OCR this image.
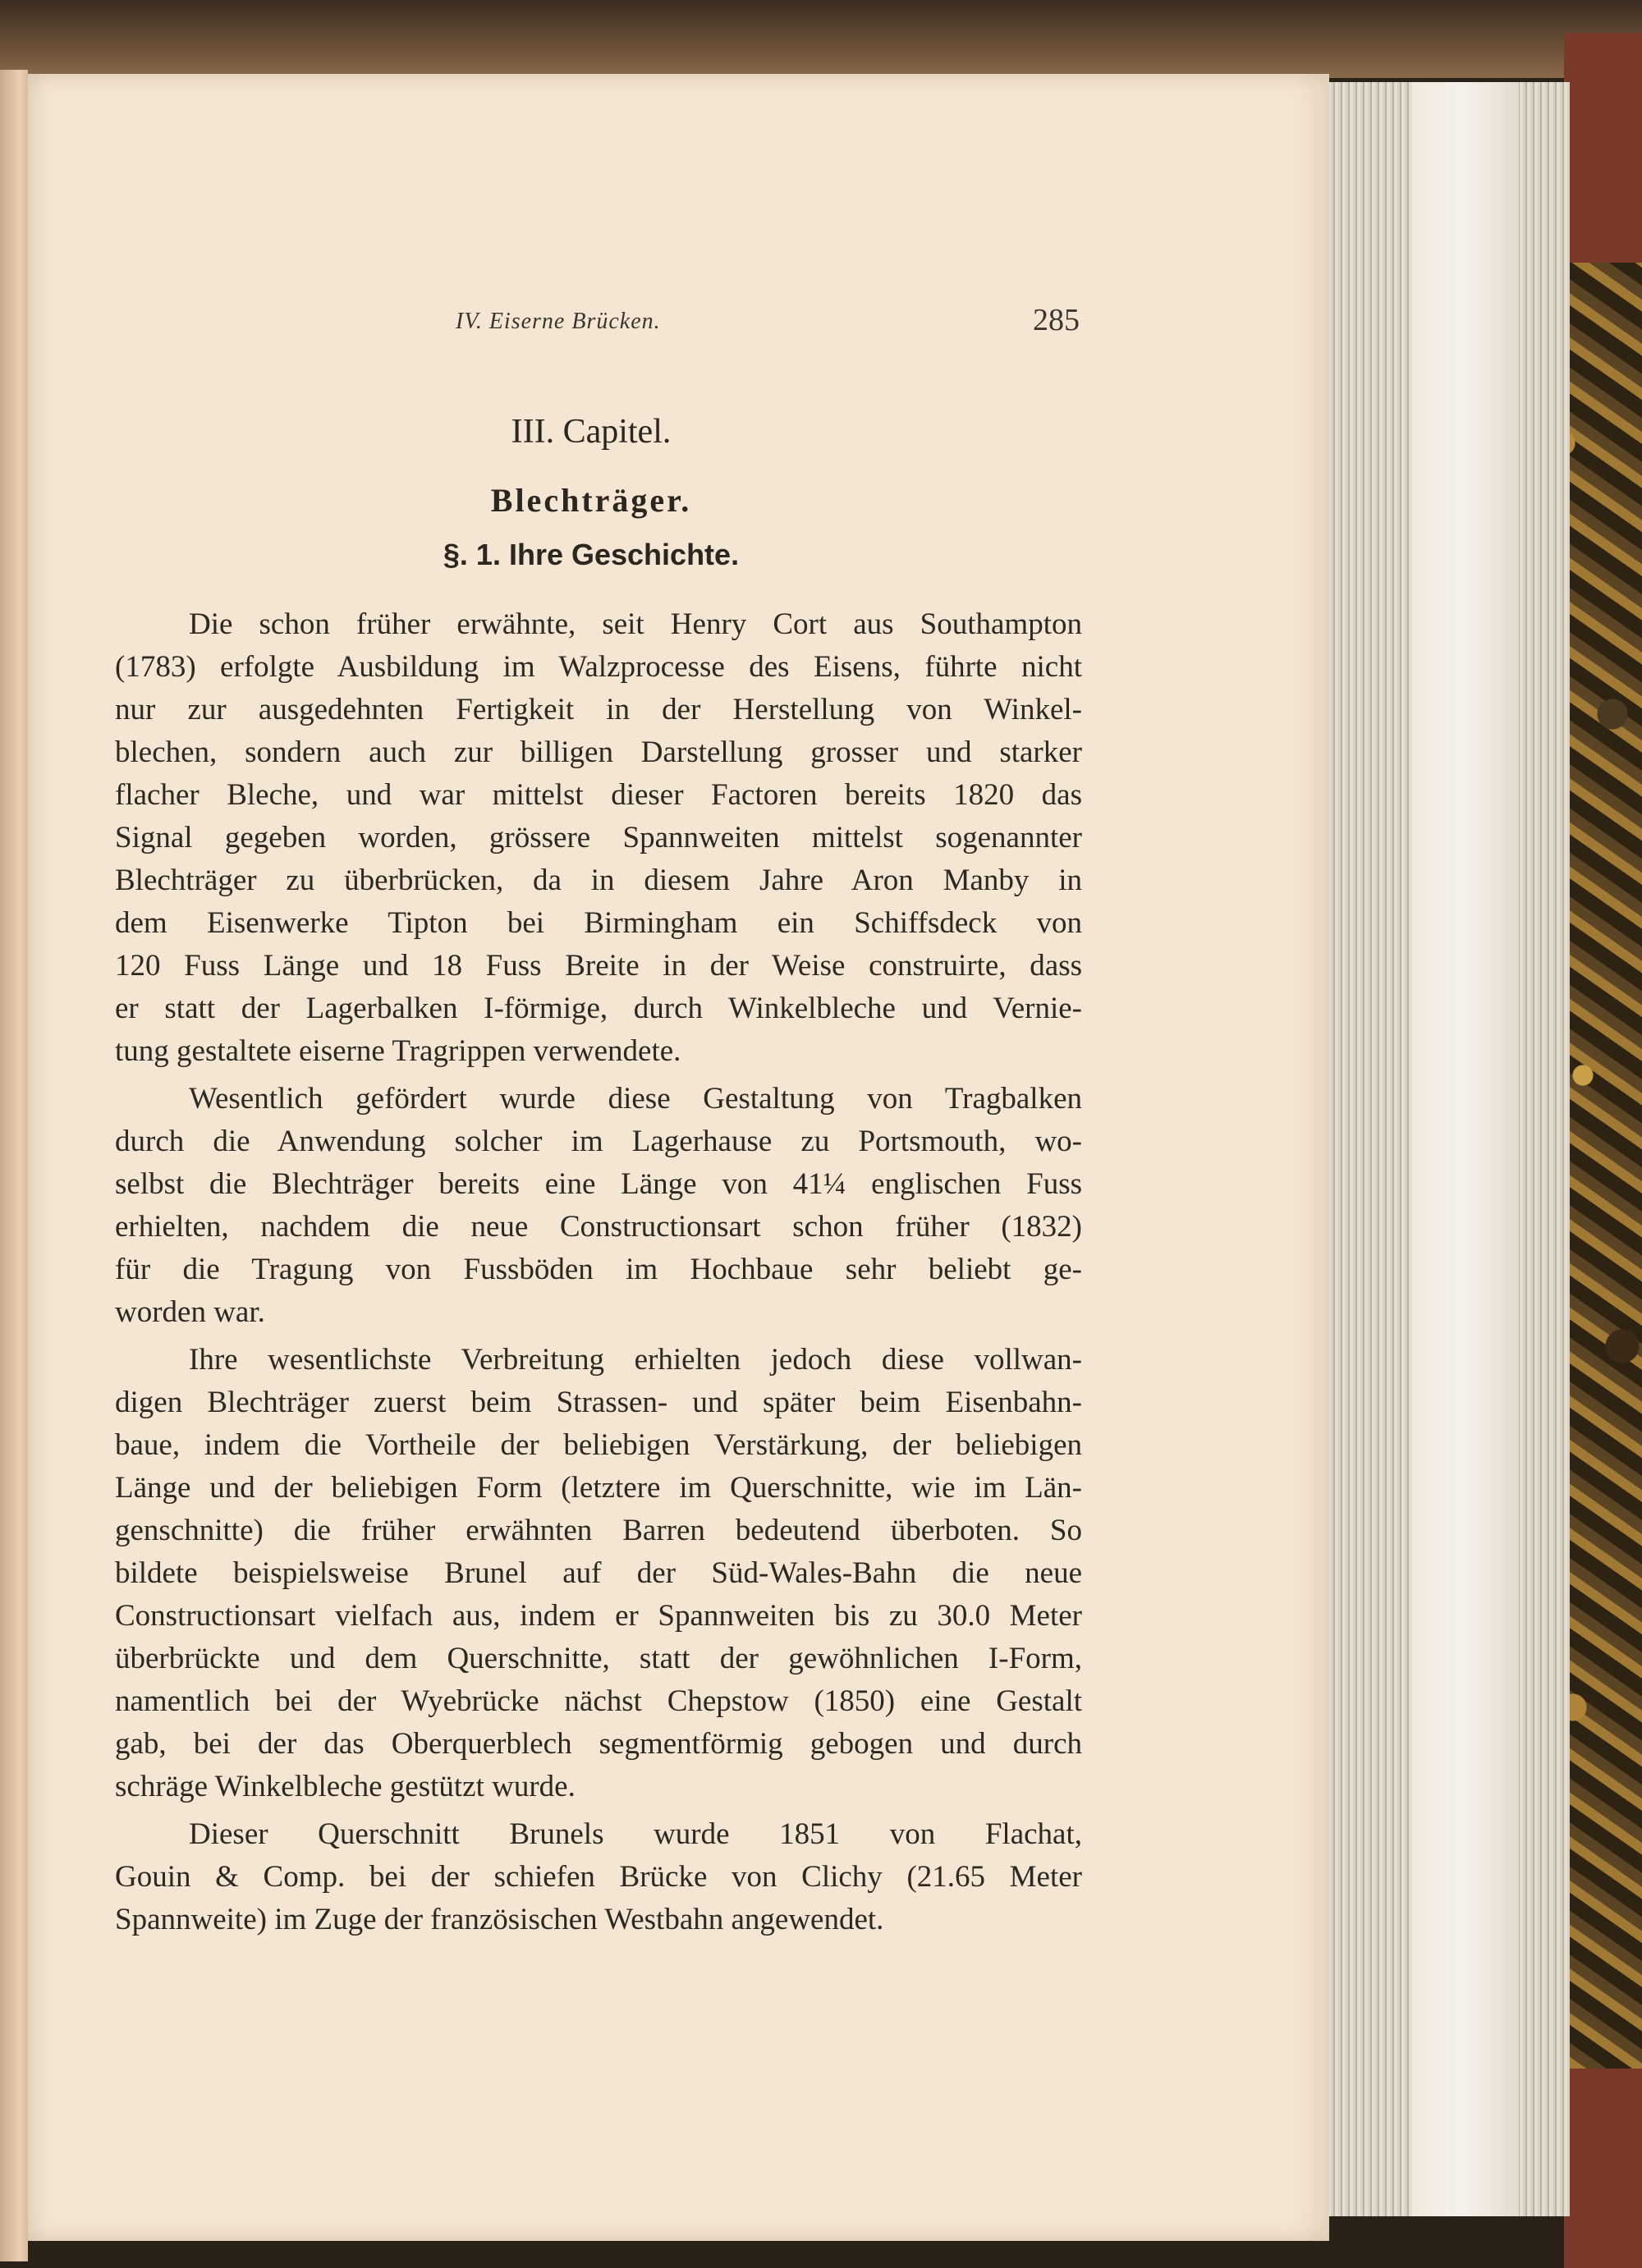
IV. Eiserne Brücken.	285
III. Capitel.
Blechträger.
§. 1. Ihre Geschichte.
Die schon früher erwähnte, seit Henry Cort aus Southampton
(1783) erfolgte Ausbildung im Walzprocesse des Eisens, führte nicht
nur zur ausgedehnten Fertigkeit in der Herstellung von Winkel-
blechen, sondern auch zur billigen Darstellung grosser und starker
flacher Bleche, und war mittelst dieser Factoren bereits 1820 das
Signal gegeben worden, grössere Spannweiten mittelst sogenannter
Blechträger zu überbrücken, da in diesem Jahre Aron Manby in
dem Eisenwerke Tipton bei Birmingham ein Schiffsdeck von
120 Fuss Länge und 18 Fuss Breite in der Weise construirte, dass
er statt der Lagerbalken I-förmige, durch Winkelbleche und Vernie-
tung gestaltete eiserne Tragrippen verwendete.
Wesentlich gefördert wurde diese Gestaltung von Tragbalken
durch die Anwendung solcher im Lagerhause zu Portsmouth, wo-
selbst die Blechträger bereits eine Länge von 41¼ englischen Fuss
erhielten, nachdem die neue Constructionsart schon früher (1832)
für die Tragung von Fussböden im Hochbaue sehr beliebt ge-
worden war.
Ihre wesentlichste Verbreitung erhielten jedoch diese vollwan-
digen Blechträger zuerst beim Strassen- und später beim Eisenbahn-
baue, indem die Vortheile der beliebigen Verstärkung, der beliebigen
Länge und der beliebigen Form (letztere im Querschnitte, wie im Län-
genschnitte) die früher erwähnten Barren bedeutend überboten. So
bildete beispielsweise Brunel auf der Süd-Wales-Bahn die neue
Constructionsart vielfach aus, indem er Spannweiten bis zu 30.0 Meter
überbrückte und dem Querschnitte, statt der gewöhnlichen I-Form,
namentlich bei der Wyebrücke nächst Chepstow (1850) eine Gestalt
gab, bei der das Oberquerblech segmentförmig gebogen und durch
schräge Winkelbleche gestützt wurde.
Dieser Querschnitt Brunels wurde 1851 von Flachat,
Gouin & Comp. bei der schiefen Brücke von Clichy (21.65 Meter
Spannweite) im Zuge der französischen Westbahn angewendet.
